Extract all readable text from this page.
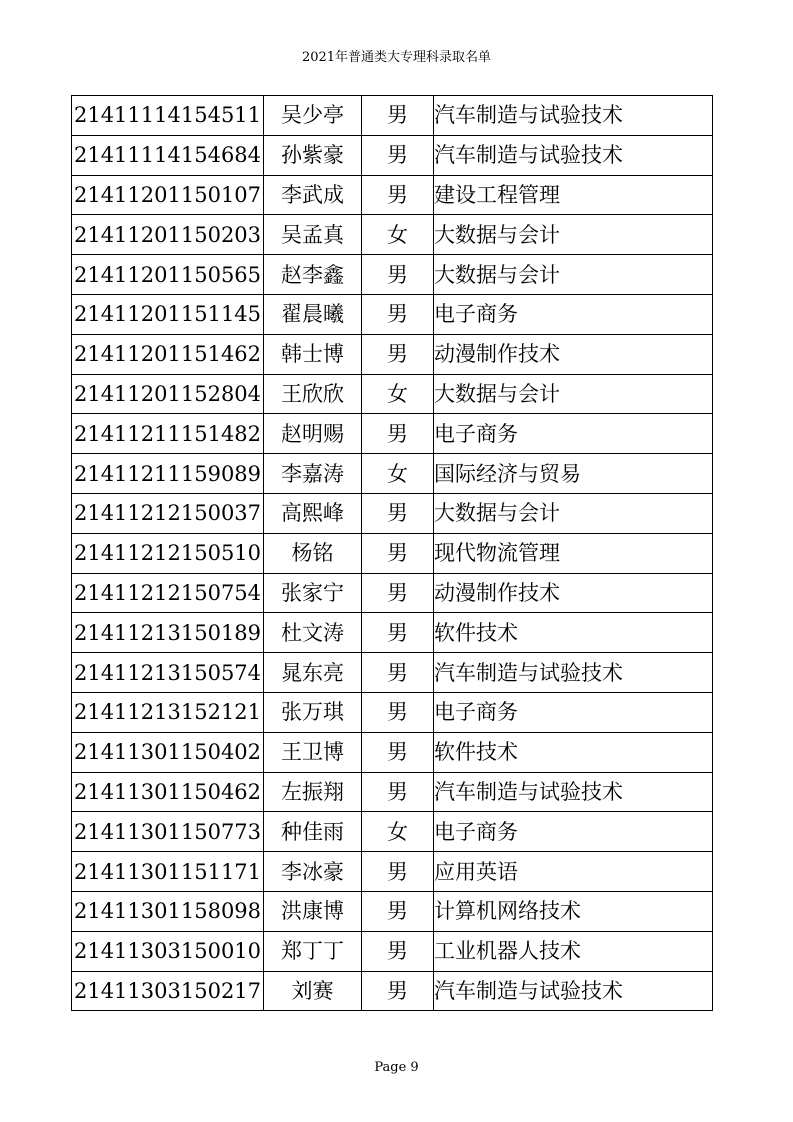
2021年普通类大专理科录取名单
21411114154511	吴少亭	男	汽车制造与试验技术
21411114154684	孙紫豪	男	汽车制造与试验技术
21411201150107	李武成	男	建设工程管理
21411201150203	吴孟真	女	大数据与会计
21411201150565	赵李鑫	男	大数据与会计
21411201151145	翟晨曦	男	电子商务
21411201151462	韩士博	男	动漫制作技术
21411201152804	王欣欣	女	大数据与会计
21411211151482	赵明赐	男	电子商务
21411211159089	李嘉涛	女	国际经济与贸易
21411212150037	高熙峰	男	大数据与会计
21411212150510	杨铭	男	现代物流管理
21411212150754	张家宁	男	动漫制作技术
21411213150189	杜文涛	男	软件技术
21411213150574	晁东亮	男	汽车制造与试验技术
21411213152121	张万琪	男	电子商务
21411301150402	王卫博	男	软件技术
21411301150462	左振翔	男	汽车制造与试验技术
21411301150773	种佳雨	女	电子商务
21411301151171	李冰豪	男	应用英语
21411301158098	洪康博	男	计算机网络技术
21411303150010	郑丁丁	男	工业机器人技术
21411303150217	刘赛	男	汽车制造与试验技术
Page 9
